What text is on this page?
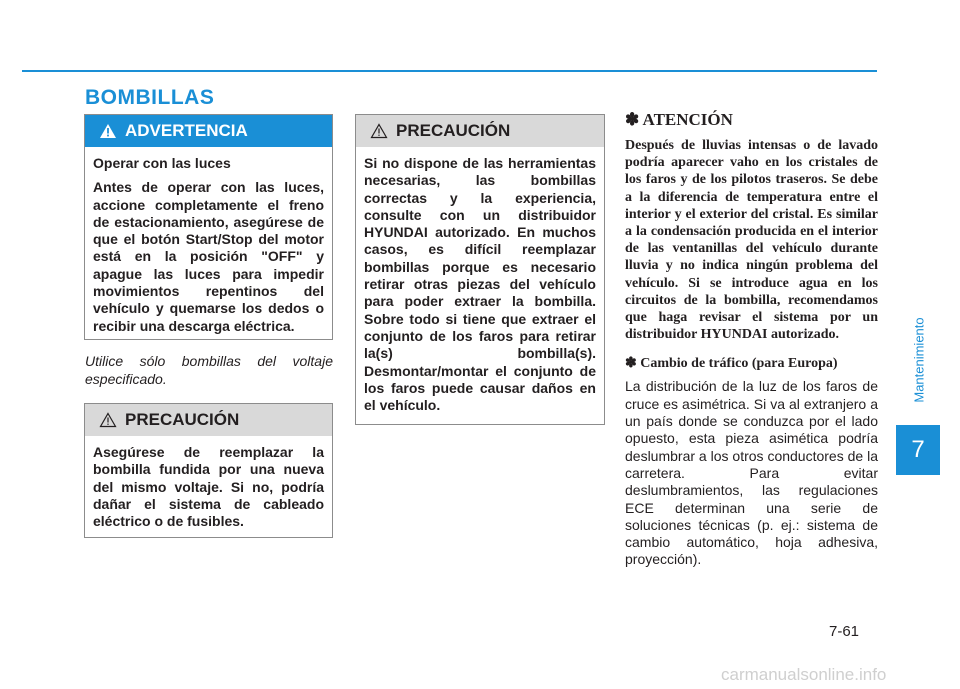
BOMBILLAS
ADVERTENCIA

Operar con las luces

Antes de operar con las luces, accione completamente el freno de estacionamiento, asegúrese de que el botón Start/Stop del motor está en la posición "OFF" y apague las luces para impedir movimientos repentinos del vehículo y quemarse los dedos o recibir una descarga eléctrica.

Utilice sólo bombillas del voltaje especificado.
PRECAUCIÓN

Asegúrese de reemplazar la bombilla fundida por una nueva del mismo voltaje. Si no, podría dañar el sistema de cableado eléctrico o de fusibles.

PRECAUCIÓN

Si no dispone de las herramientas necesarias, las bombillas correctas y la experiencia, consulte con un distribuidor HYUNDAI autorizado. En muchos casos, es difícil reemplazar bombillas porque es necesario retirar otras piezas del vehículo para poder extraer la bombilla. Sobre todo si tiene que extraer el conjunto de los faros para retirar la(s) bombilla(s). Desmontar/montar el conjunto de los faros puede causar daños en el vehículo.

✽ ATENCIÓN
Después de lluvias intensas o de lavado podría aparecer vaho en los cristales de los faros y de los pilotos traseros. Se debe a la diferencia de temperatura entre el interior y el exterior del cristal. Es similar a la condensación producida en el interior de las ventanillas del vehículo durante lluvia y no indica ningún problema del vehículo. Si se introduce agua en los circuitos de la bombilla, recomendamos que haga revisar el sistema por un distribuidor HYUNDAI autorizado.
✽ Cambio de tráfico (para Europa)
La distribución de la luz de los faros de cruce es asimétrica. Si va al extranjero a un país donde se conduzca por el lado opuesto, esta pieza asimética podría deslumbrar a los otros conductores de la carretera. Para evitar deslumbramientos, las regulaciones ECE determinan una serie de soluciones técnicas (p. ej.: sistema de cambio automático, hoja adhesiva, proyección).
Mantenimiento
7
7-61
carmanualsonline.info
